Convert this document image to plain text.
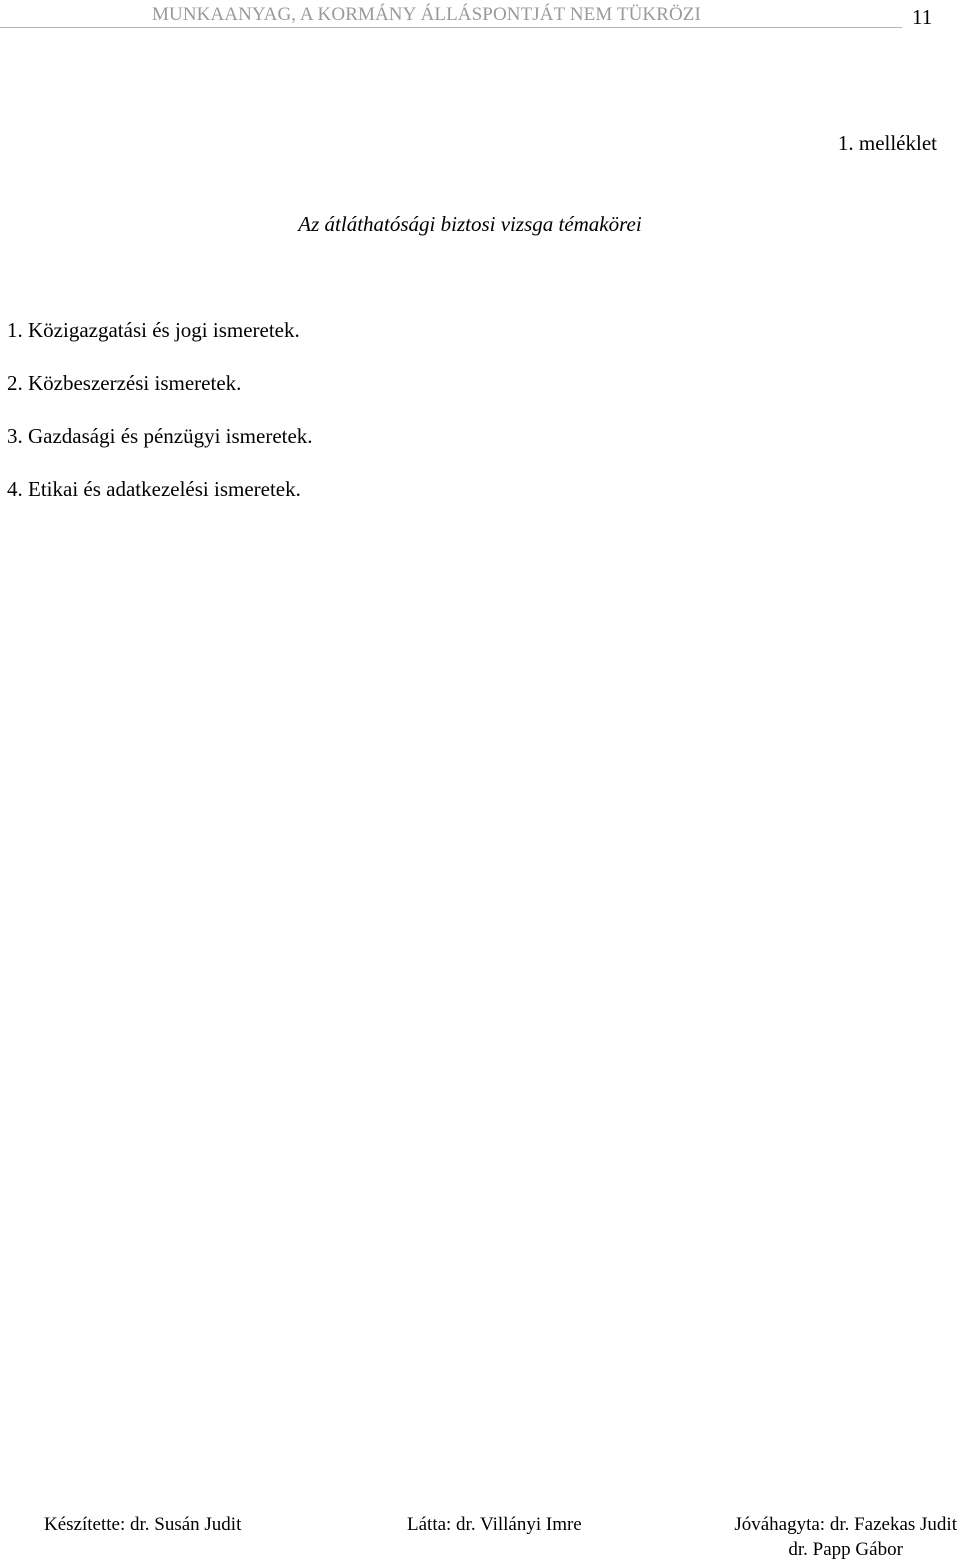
MUNKAANYAG, A KORMÁNY ÁLLÁSPONTJÁT NEM TÜKRÖZI	11
1. melléklet
Az átláthatósági biztosi vizsga témakörei
1. Közigazgatási és jogi ismeretek.
2. Közbeszerzési ismeretek.
3. Gazdasági és pénzügyi ismeretek.
4. Etikai és adatkezelési ismeretek.
Készítette: dr. Susán Judit	Látta: dr. Villányi Imre	Jóváhagyta: dr. Fazekas Judit
dr. Papp Gábor
